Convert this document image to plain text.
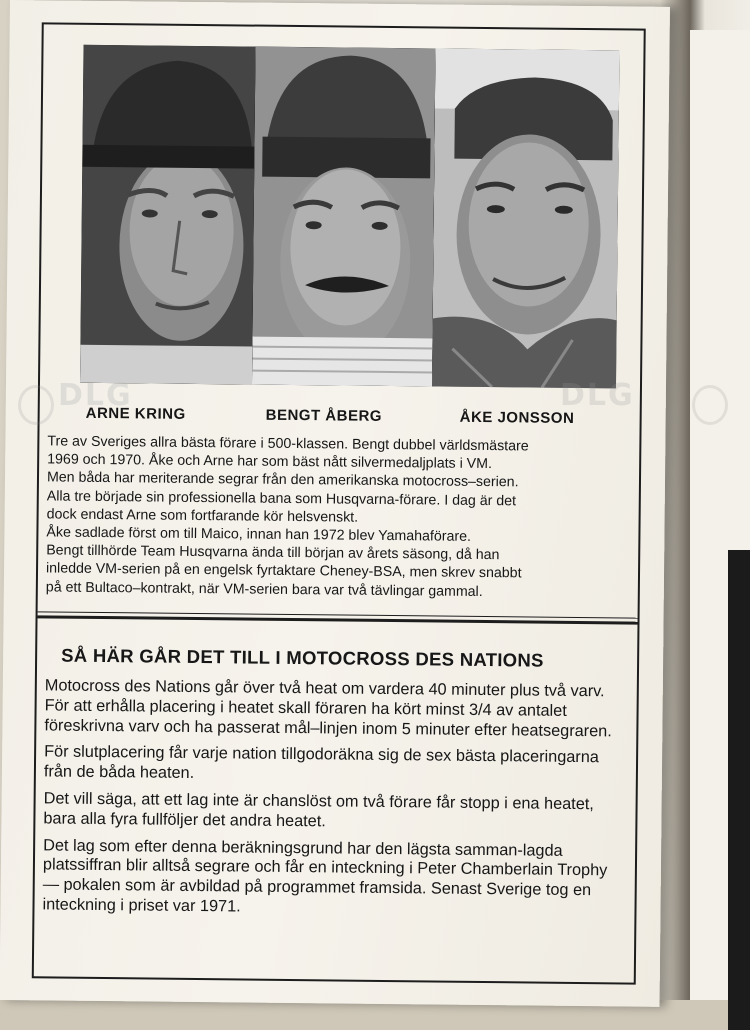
ARNE KRING	BENGT ÅBERG	ÅKE JONSSON

Tre av Sveriges allra bästa förare i 500-klassen. Bengt dubbel världsmästare

1969 och 1970. Åke och Arne har som bäst nått silvermedaljplats i VM.

Men båda har meriterande segrar från den amerikanska motocross–serien.

Alla tre började sin professionella bana som Husqvarna-förare. I dag är det

dock endast Arne som fortfarande kör helsvenskt.

Åke sadlade först om till Maico, innan han 1972 blev Yamahaförare.

Bengt tillhörde Team Husqvarna ända till början av årets säsong, då han

inledde VM-serien på en engelsk fyrtaktare Cheney-BSA, men skrev snabbt

på ett Bultaco–kontrakt, när VM-serien bara var två tävlingar gammal.

SÅ HÄR GÅR DET TILL I MOTOCROSS DES NATIONS

Motocross des Nations går över två heat om vardera 40 minuter plus två varv. För att erhålla placering i heatet skall föraren ha kört minst 3/4 av antalet föreskrivna varv och ha passerat mål–linjen inom 5 minuter efter heatsegraren.

För slutplacering får varje nation tillgodoräkna sig de sex bästa placeringarna från de båda heaten.

Det vill säga, att ett lag inte är chanslöst om två förare får stopp i ena heatet, bara alla fyra fullföljer det andra heatet.

Det lag som efter denna beräkningsgrund har den lägsta samman-lagda platssiffran blir alltså segrare och får en inteckning i Peter Chamberlain Trophy — pokalen som är avbildad på programmet framsida. Senast Sverige tog en inteckning i priset var 1971.

DLG	DLG
